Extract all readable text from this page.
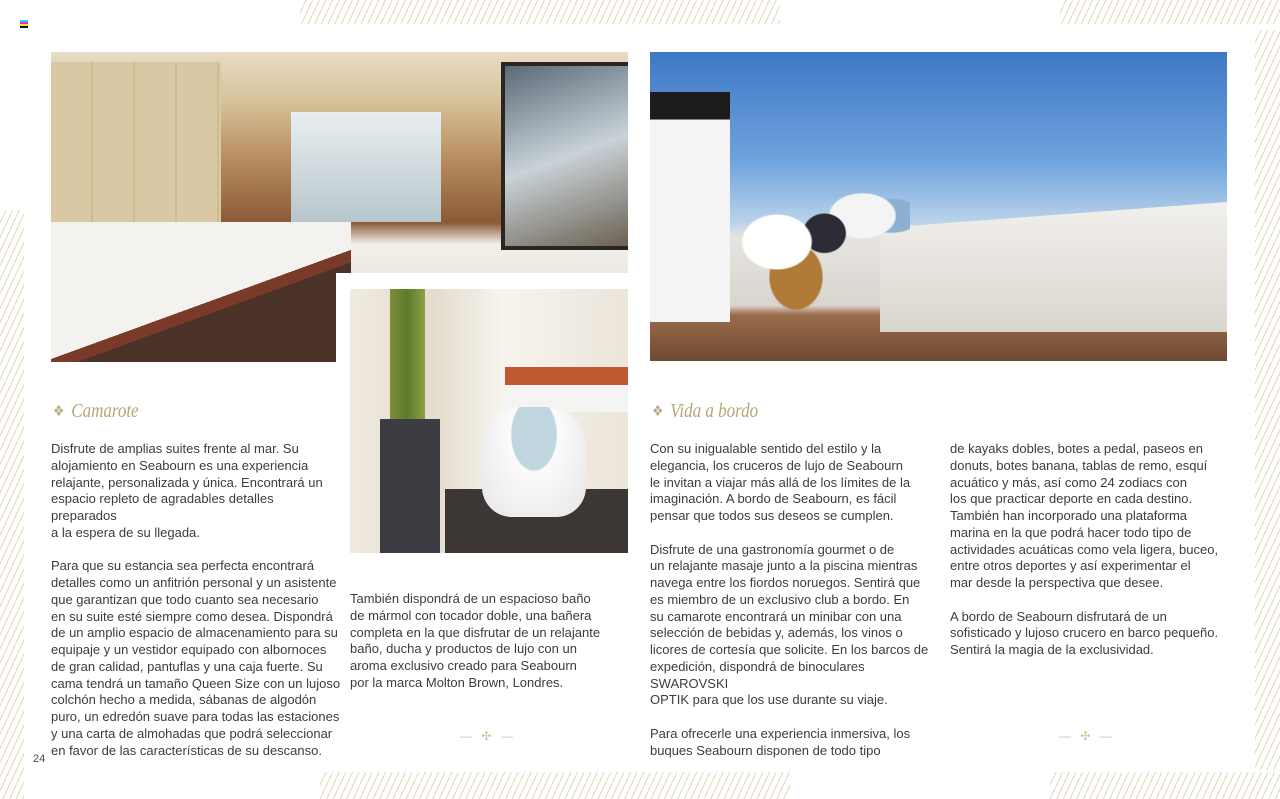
❖ Camarote

Disfrute de amplias suites frente al mar. Su
alojamiento en Seabourn es una experiencia
relajante, personalizada y única. Encontrará un
espacio repleto de agradables detalles preparados
a la espera de su llegada.

Para que su estancia sea perfecta encontrará
detalles como un anfitrión personal y un asistente
que garantizan que todo cuanto sea necesario
en su suite esté siempre como desea. Dispondrá
de un amplio espacio de almacenamiento para su
equipaje y un vestidor equipado con albornoces
de gran calidad, pantuflas y una caja fuerte. Su
cama tendrá un tamaño Queen Size con un lujoso
colchón hecho a medida, sábanas de algodón
puro, un edredón suave para todas las estaciones
y una carta de almohadas que podrá seleccionar
en favor de las características de su descanso.

También dispondrá de un espacioso baño
de mármol con tocador doble, una bañera
completa en la que disfrutar de un relajante
baño, ducha y productos de lujo con un
aroma exclusivo creado para Seabourn
por la marca Molton Brown, Londres.

— ✣ —
❖ Vida a bordo

Con su inigualable sentido del estilo y la
elegancia, los cruceros de lujo de Seabourn
le invitan a viajar más allá de los límites de la
imaginación. A bordo de Seabourn, es fácil
pensar que todos sus deseos se cumplen.

Disfrute de una gastronomía gourmet o de
un relajante masaje junto a la piscina mientras
navega entre los fiordos noruegos. Sentirá que
es miembro de un exclusivo club a bordo. En
su camarote encontrará un minibar con una
selección de bebidas y, además, los vinos o
licores de cortesía que solicite. En los barcos de
expedición, dispondrá de binoculares SWAROVSKI
OPTIK para que los use durante su viaje.

Para ofrecerle una experiencia inmersiva, los
buques Seabourn disponen de todo tipo

de kayaks dobles, botes a pedal, paseos en
donuts, botes banana, tablas de remo, esquí
acuático y más, así como 24 zodiacs con
los que practicar deporte en cada destino.
También han incorporado una plataforma
marina en la que podrá hacer todo tipo de
actividades acuáticas como vela ligera, buceo,
entre otros deportes y así experimentar el
mar desde la perspectiva que desee.

A bordo de Seabourn disfrutará de un
sofisticado y lujoso crucero en barco pequeño.
Sentirá la magia de la exclusividad.

— ✣ —
24
